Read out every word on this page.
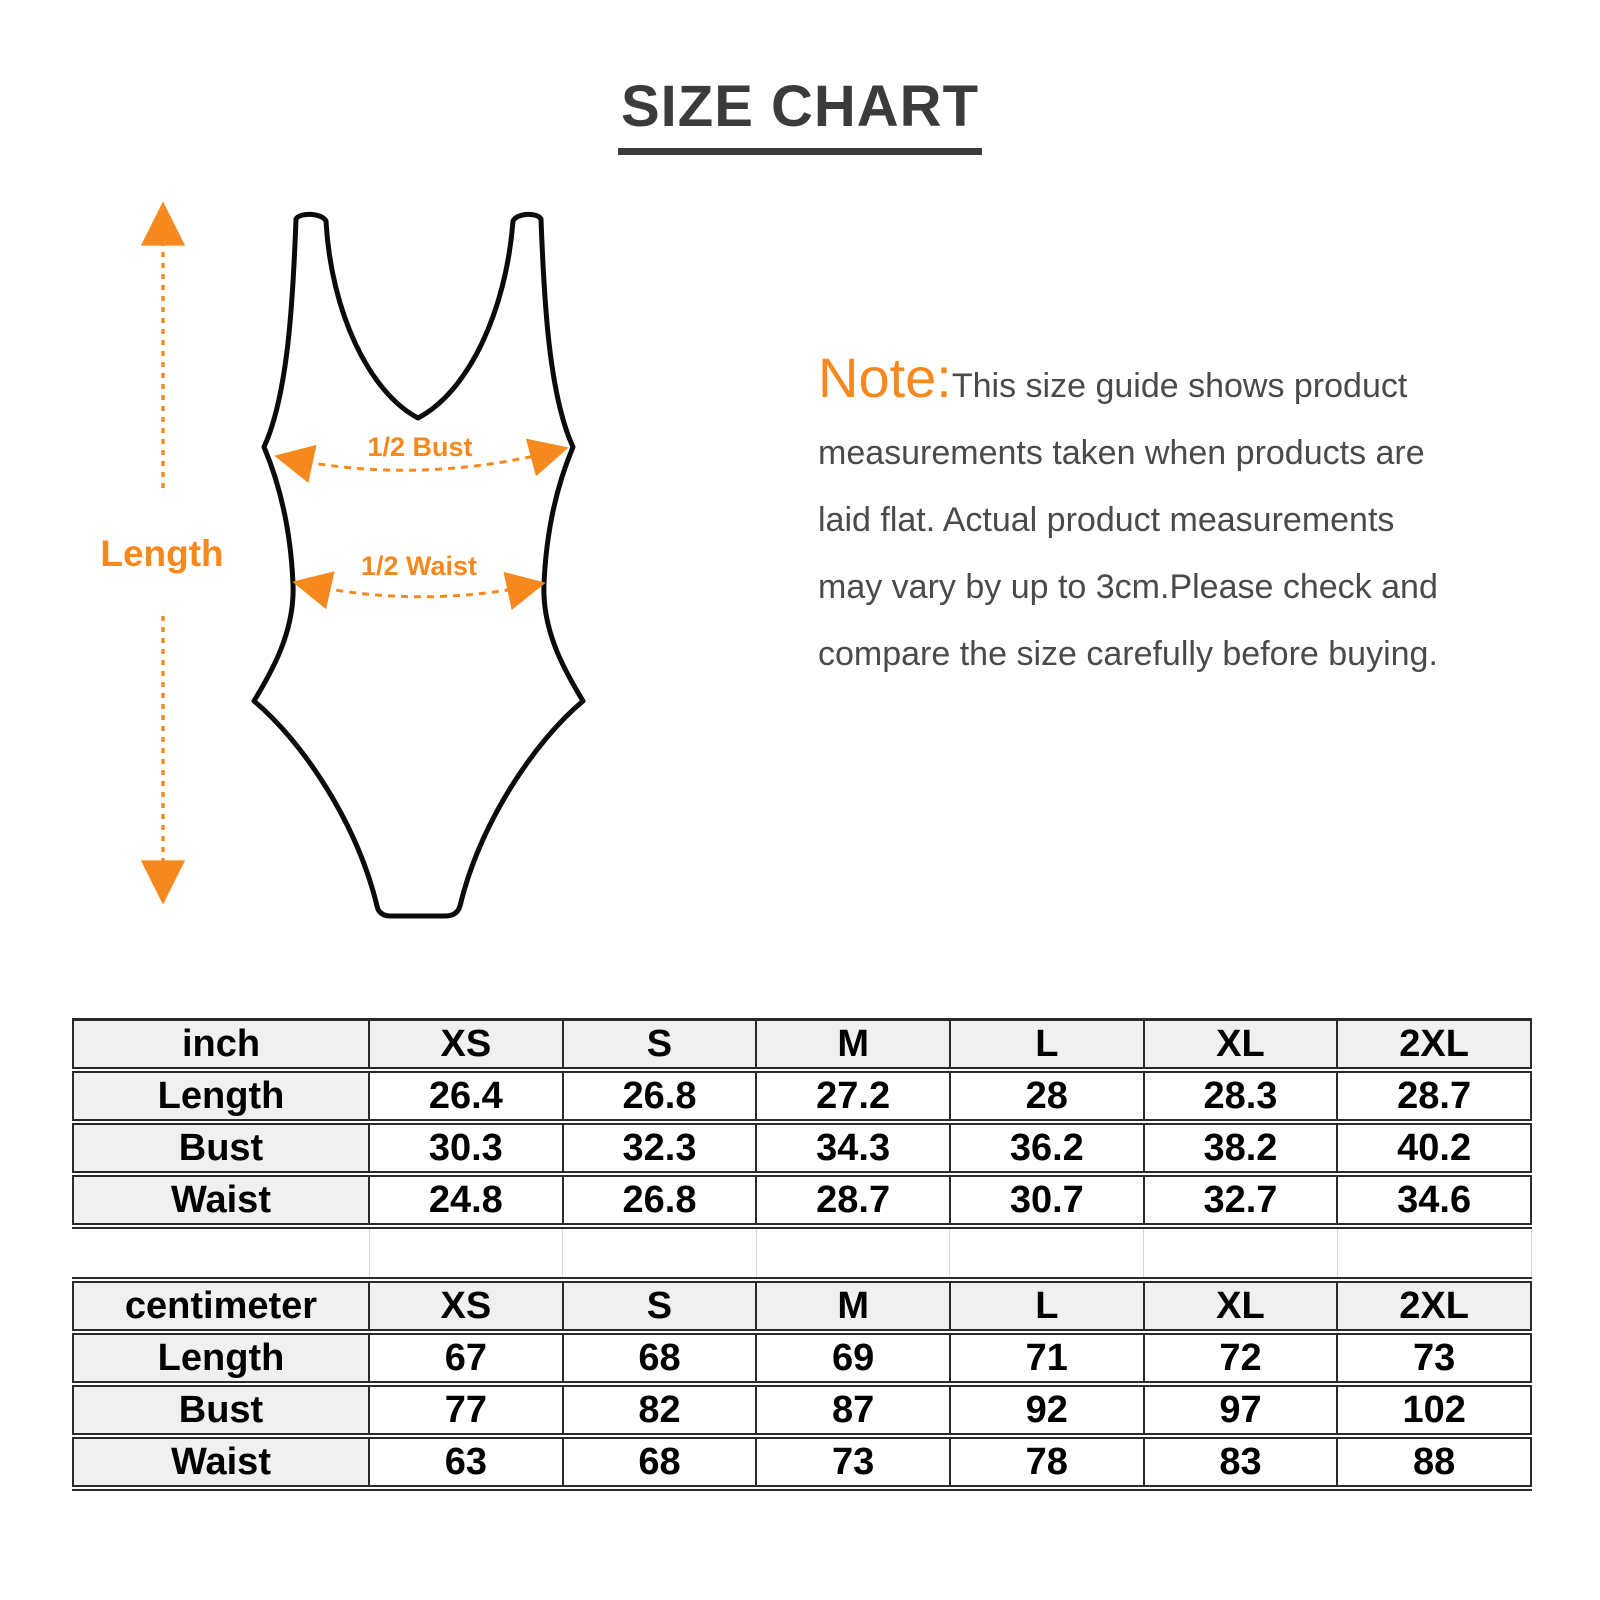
SIZE CHART
Length
1/2 Bust
1/2 Waist
Note:This size guide shows product
measurements taken when products are
laid flat. Actual product measurements
may vary by up to 3cm.Please check and
compare the size carefully before buying.
inch	XS	S	M	L	XL	2XL
Length	26.4	26.8	27.2	28	28.3	28.7
Bust	30.3	32.3	34.3	36.2	38.2	40.2
Waist	24.8	26.8	28.7	30.7	32.7	34.6

centimeter	XS	S	M	L	XL	2XL
Length	67	68	69	71	72	73
Bust	77	82	87	92	97	102
Waist	63	68	73	78	83	88
